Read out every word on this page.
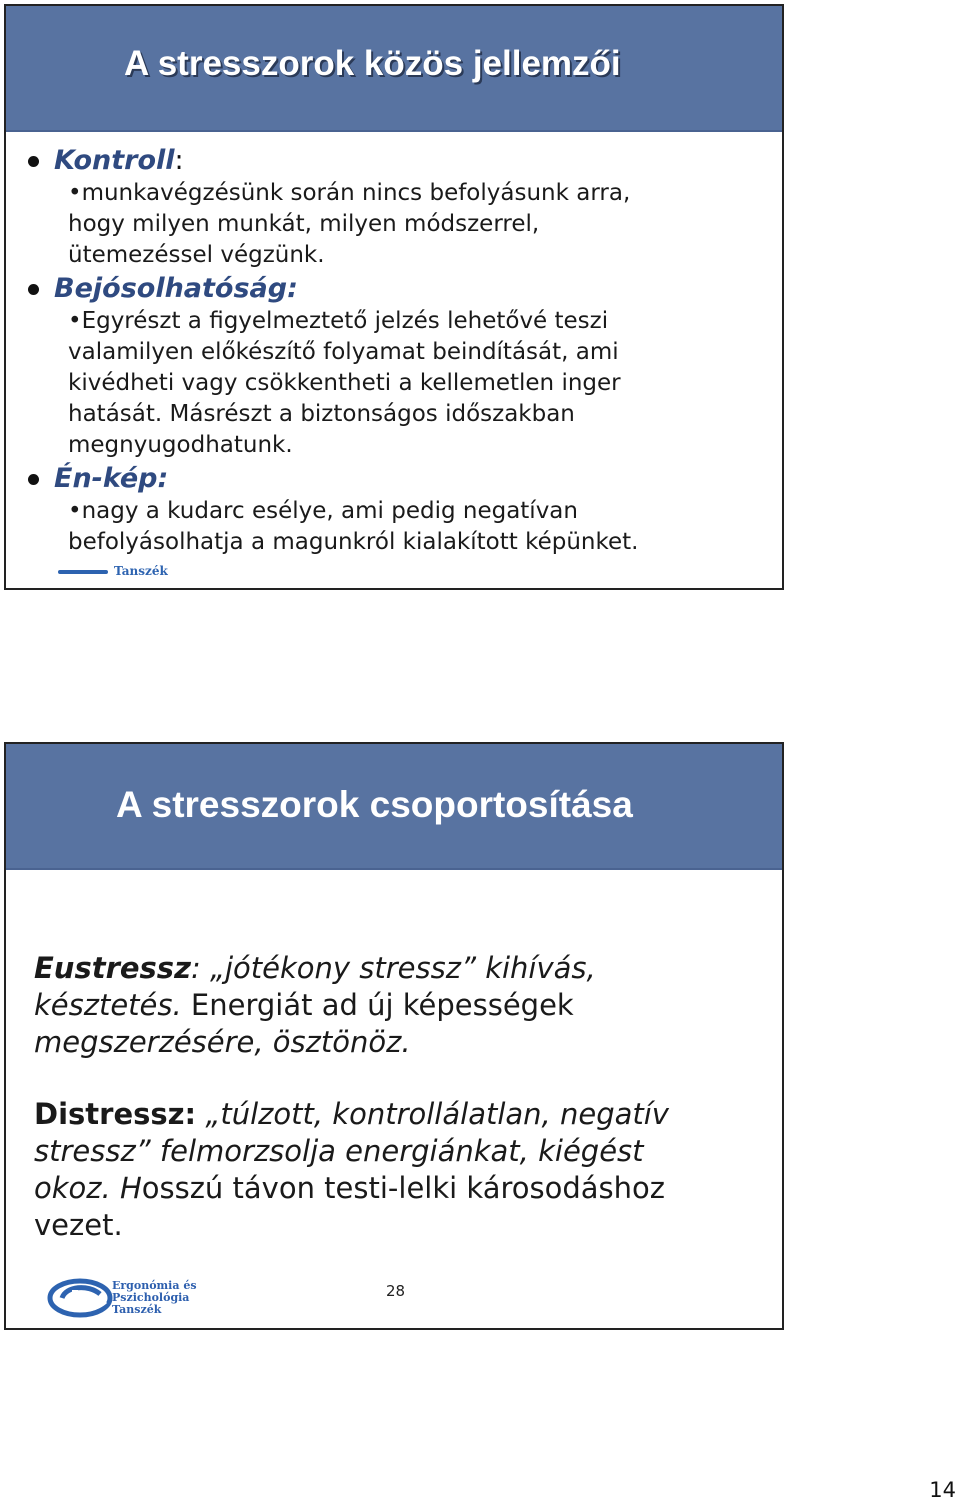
A stresszorok közös jellemzői
Kontroll:
•munkavégzésünk során nincs befolyásunk arra,
hogy milyen munkát, milyen módszerrel,
ütemezéssel végzünk.
Bejósolhatóság:
•Egyrészt a figyelmeztető jelzés lehetővé teszi
valamilyen előkészítő folyamat beindítását, ami
kivédheti vagy csökkentheti a kellemetlen inger
hatását. Másrészt a biztonságos időszakban
megnyugodhatunk.
Én-kép:
•nagy a kudarc esélye, ami pedig negatívan
befolyásolhatja a magunkról kialakított képünket.
Tanszék
A stresszorok csoportosítása
Eustressz: „jótékony stressz” kihívás,
késztetés. Energiát ad új képességek
megszerzésére, ösztönöz.
Distressz: „túlzott, kontrollálatlan, negatív
stressz” felmorzsolja energiánkat, kiégést
okoz. Hosszú távon testi-lelki károsodáshoz
vezet.
Ergonómia és
Pszichológia
Tanszék
28
14
